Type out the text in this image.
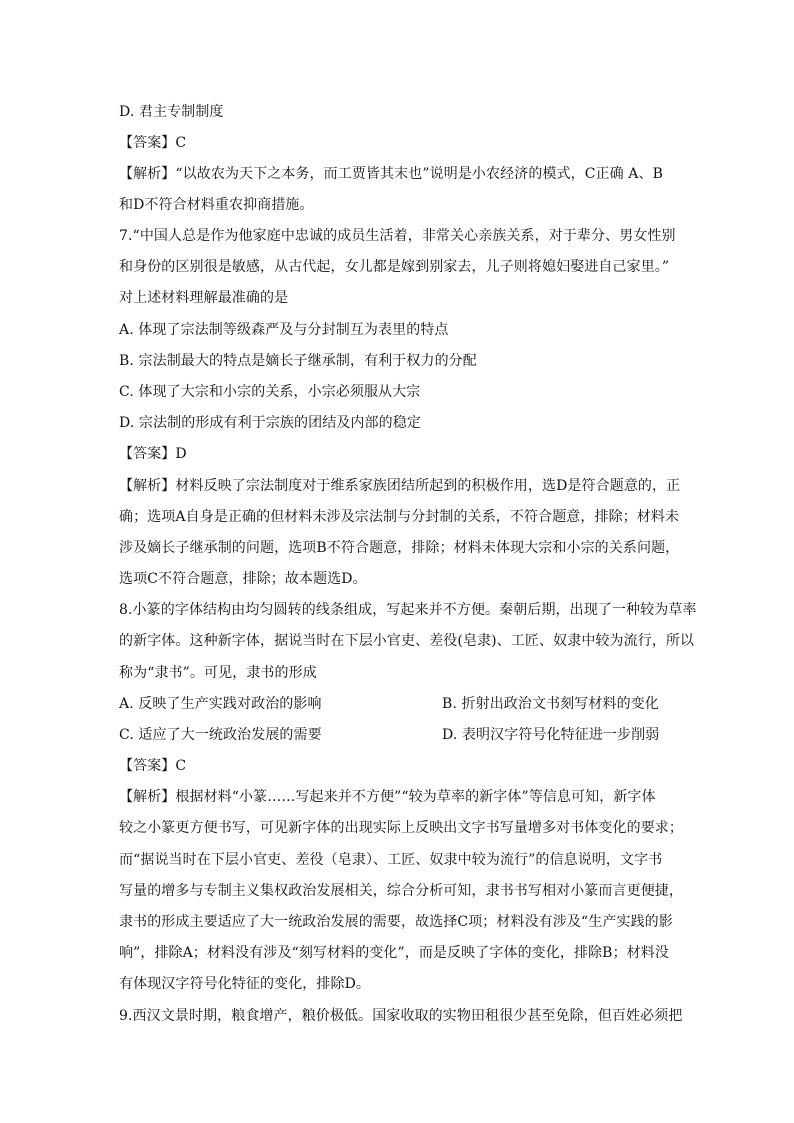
D. 君主专制制度
【答案】C
【解析】“以故农为天下之本务，而工贾皆其末也”说明是小农经济的模式，C正确 A、B
和D不符合材料重农抑商措施。
7.“中国人总是作为他家庭中忠诚的成员生活着，非常关心亲族关系，对于辈分、男女性别
和身份的区别很是敏感，从古代起，女儿都是嫁到别家去，儿子则将媳妇娶进自己家里。”
对上述材料理解最准确的是
A. 体现了宗法制等级森严及与分封制互为表里的特点
B. 宗法制最大的特点是嫡长子继承制，有利于权力的分配
C. 体现了大宗和小宗的关系，小宗必须服从大宗
D. 宗法制的形成有利于宗族的团结及内部的稳定
【答案】D
【解析】材料反映了宗法制度对于维系家族团结所起到的积极作用，选D是符合题意的，正
确；选项A自身是正确的但材料未涉及宗法制与分封制的关系，不符合题意，排除；材料未
涉及嫡长子继承制的问题，选项B不符合题意，排除；材料未体现大宗和小宗的关系问题，
选项C不符合题意，排除；故本题选D。
8.小篆的字体结构由均匀圆转的线条组成，写起来并不方便。秦朝后期，出现了一种较为草率
的新字体。这种新字体，据说当时在下层小官吏、差役(皂隶)、工匠、奴隶中较为流行，所以
称为“隶书”。可见，隶书的形成
A. 反映了生产实践对政治的影响	B. 折射出政治文书刻写材料的变化
C. 适应了大一统政治发展的需要	D. 表明汉字符号化特征进一步削弱
【答案】C
【解析】根据材料“小篆……写起来并不方便”“较为草率的新字体”等信息可知，新字体
较之小篆更方便书写，可见新字体的出现实际上反映出文字书写量增多对书体变化的要求；
而“据说当时在下层小官吏、差役（皂隶）、工匠、奴隶中较为流行”的信息说明，文字书
写量的增多与专制主义集权政治发展相关，综合分析可知，隶书书写相对小篆而言更便捷，
隶书的形成主要适应了大一统政治发展的需要，故选择C项；材料没有涉及“生产实践的影
响”，排除A；材料没有涉及“刻写材料的变化”，而是反映了字体的变化，排除B；材料没
有体现汉字符号化特征的变化，排除D。
9.西汉文景时期，粮食增产，粮价极低。国家收取的实物田租很少甚至免除，但百姓必须把
